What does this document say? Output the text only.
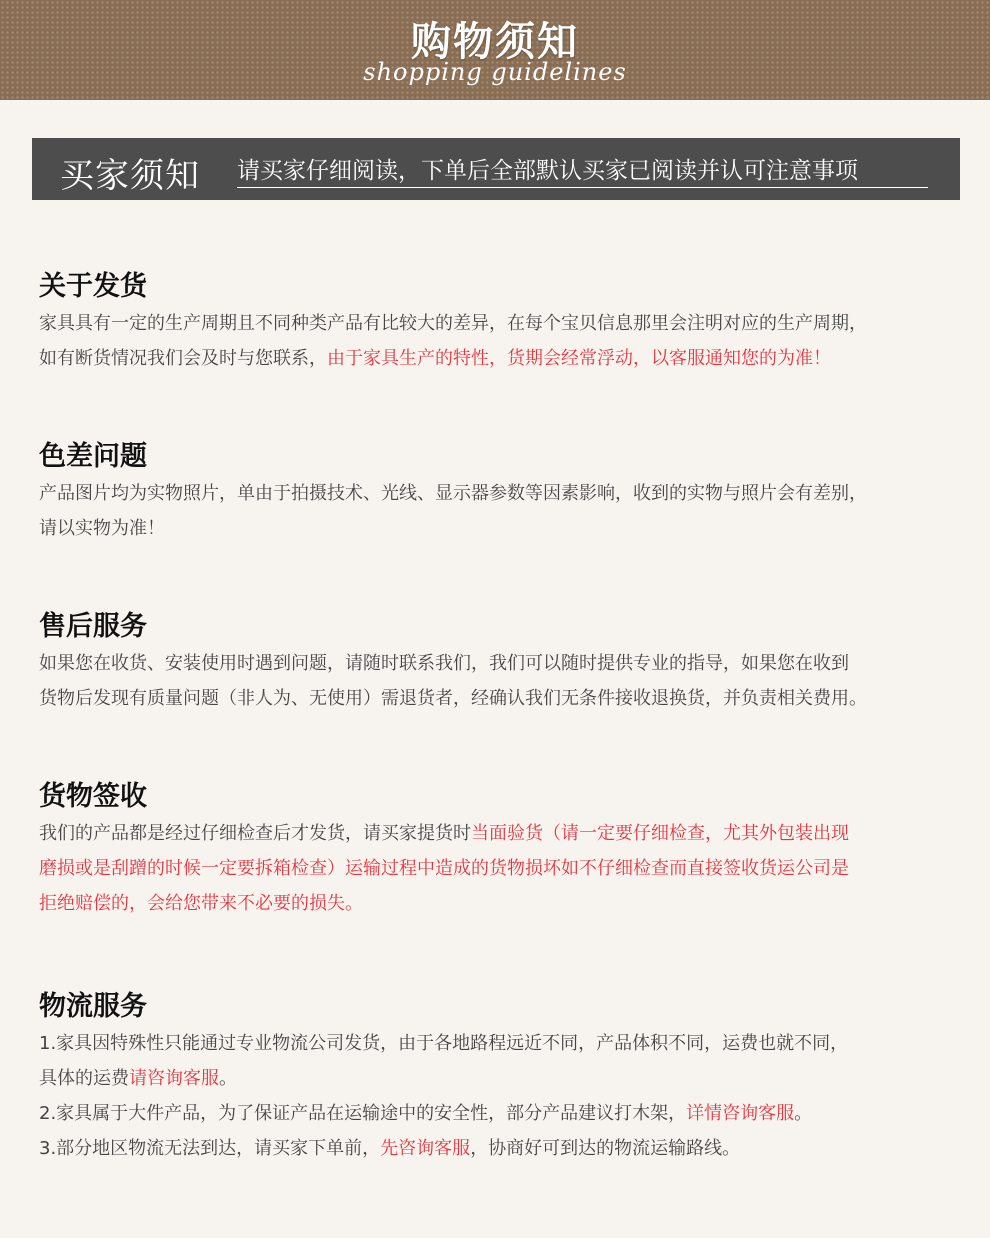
购物须知
shopping guidelines
买家须知 请买家仔细阅读，下单后全部默认买家已阅读并认可注意事项
关于发货

家具具有一定的生产周期且不同种类产品有比较大的差异，在每个宝贝信息那里会注明对应的生产周期，

如有断货情况我们会及时与您联系，由于家具生产的特性，货期会经常浮动，以客服通知您的为准！

色差问题

产品图片均为实物照片，单由于拍摄技术、光线、显示器参数等因素影响，收到的实物与照片会有差别，

请以实物为准！

售后服务

如果您在收货、安装使用时遇到问题，请随时联系我们，我们可以随时提供专业的指导，如果您在收到

货物后发现有质量问题（非人为、无使用）需退货者，经确认我们无条件接收退换货，并负责相关费用。

货物签收

我们的产品都是经过仔细检查后才发货，请买家提货时当面验货（请一定要仔细检查，尤其外包装出现

磨损或是刮蹭的时候一定要拆箱检查）运输过程中造成的货物损坏如不仔细检查而直接签收货运公司是

拒绝赔偿的，会给您带来不必要的损失。

物流服务

1.家具因特殊性只能通过专业物流公司发货，由于各地路程远近不同，产品体积不同，运费也就不同，

具体的运费请咨询客服。

2.家具属于大件产品，为了保证产品在运输途中的安全性，部分产品建议打木架，详情咨询客服。

3.部分地区物流无法到达，请买家下单前，先咨询客服，协商好可到达的物流运输路线。
